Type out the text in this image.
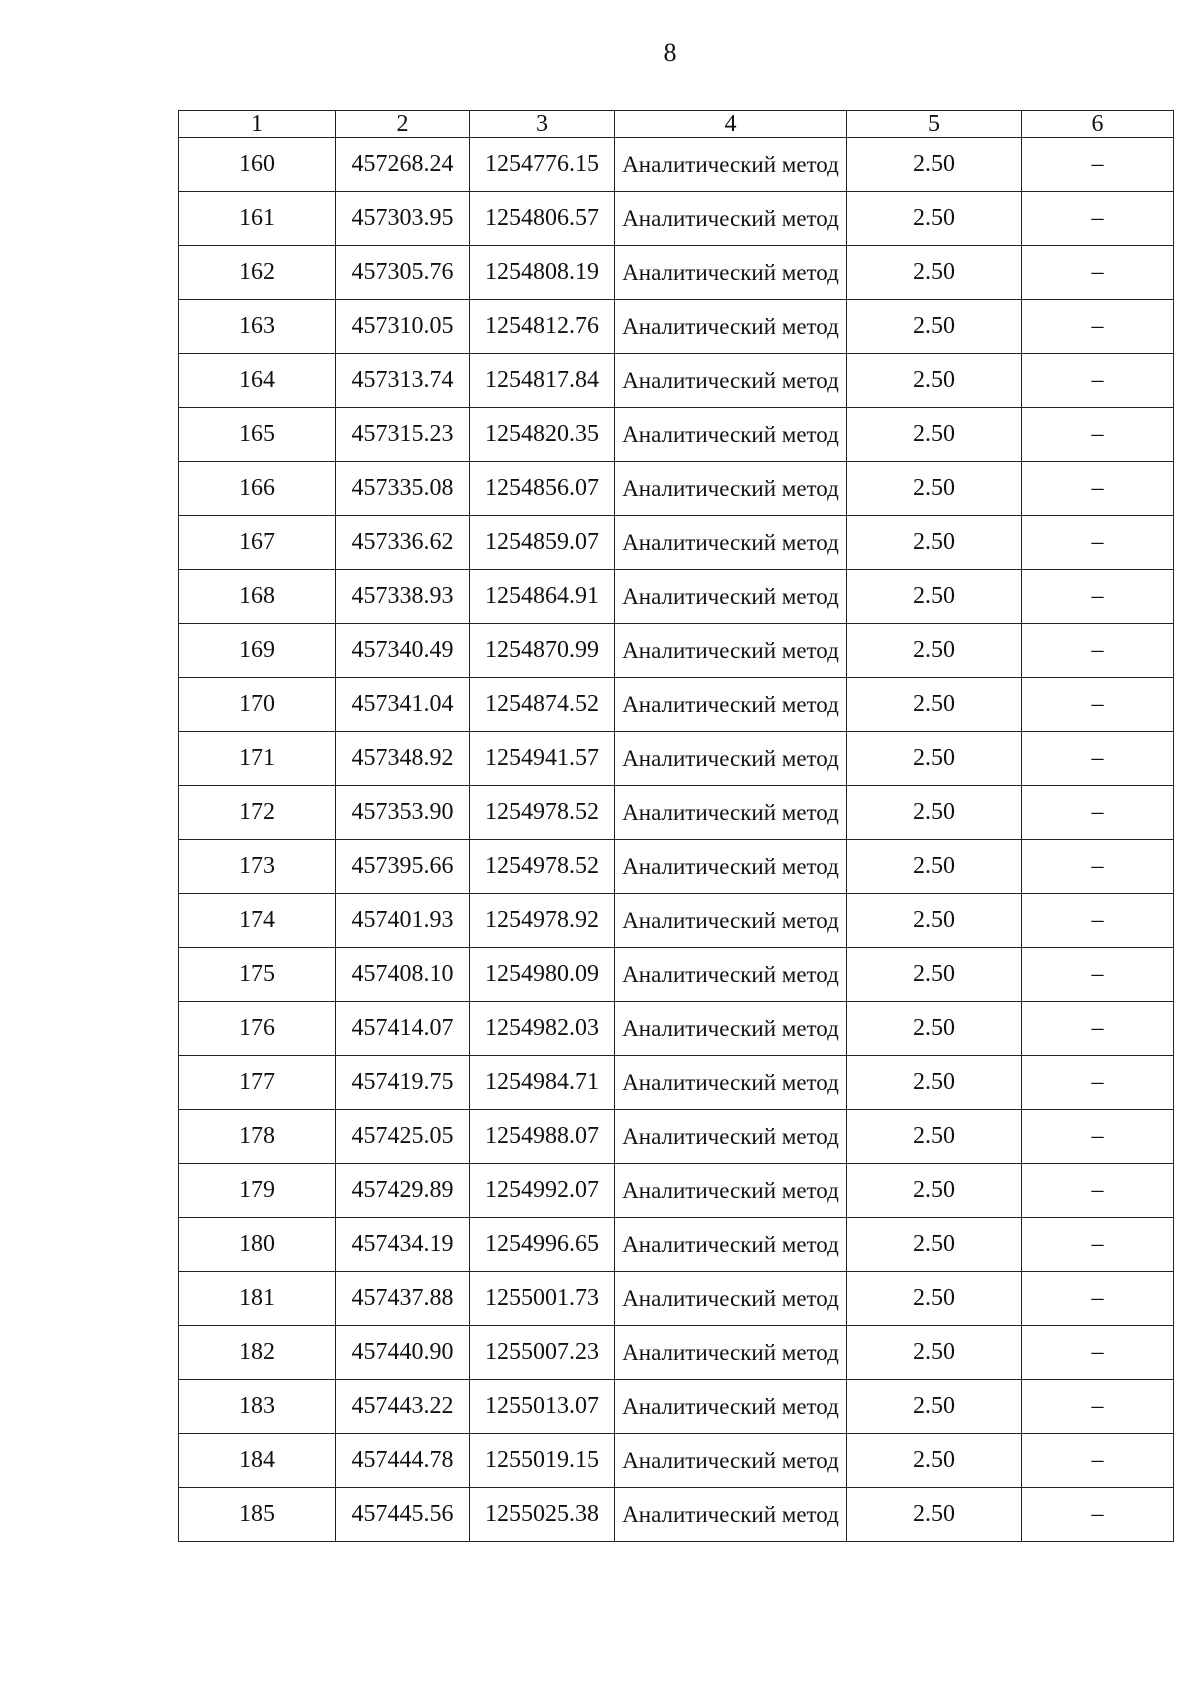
8
1	2	3	4	5	6
160	457268.24	1254776.15	Аналитический метод	2.50	–
161	457303.95	1254806.57	Аналитический метод	2.50	–
162	457305.76	1254808.19	Аналитический метод	2.50	–
163	457310.05	1254812.76	Аналитический метод	2.50	–
164	457313.74	1254817.84	Аналитический метод	2.50	–
165	457315.23	1254820.35	Аналитический метод	2.50	–
166	457335.08	1254856.07	Аналитический метод	2.50	–
167	457336.62	1254859.07	Аналитический метод	2.50	–
168	457338.93	1254864.91	Аналитический метод	2.50	–
169	457340.49	1254870.99	Аналитический метод	2.50	–
170	457341.04	1254874.52	Аналитический метод	2.50	–
171	457348.92	1254941.57	Аналитический метод	2.50	–
172	457353.90	1254978.52	Аналитический метод	2.50	–
173	457395.66	1254978.52	Аналитический метод	2.50	–
174	457401.93	1254978.92	Аналитический метод	2.50	–
175	457408.10	1254980.09	Аналитический метод	2.50	–
176	457414.07	1254982.03	Аналитический метод	2.50	–
177	457419.75	1254984.71	Аналитический метод	2.50	–
178	457425.05	1254988.07	Аналитический метод	2.50	–
179	457429.89	1254992.07	Аналитический метод	2.50	–
180	457434.19	1254996.65	Аналитический метод	2.50	–
181	457437.88	1255001.73	Аналитический метод	2.50	–
182	457440.90	1255007.23	Аналитический метод	2.50	–
183	457443.22	1255013.07	Аналитический метод	2.50	–
184	457444.78	1255019.15	Аналитический метод	2.50	–
185	457445.56	1255025.38	Аналитический метод	2.50	–
